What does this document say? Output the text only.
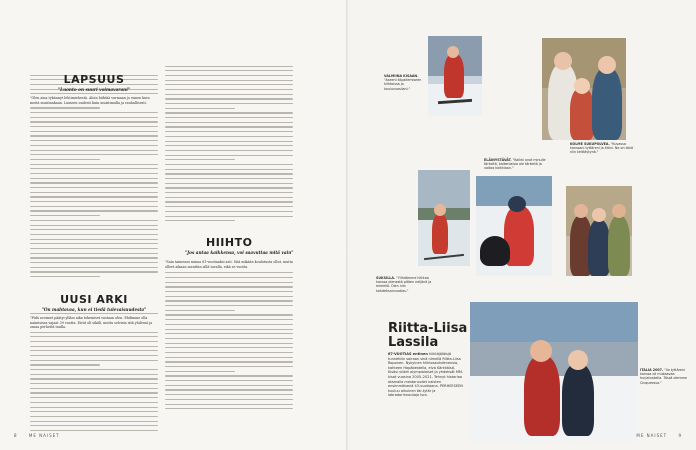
LAPSUUS
"Luonto on suuri voimavarani"

"Olen aina tykännyt lehtimiehestä. Aloin hiihtää varmaan jo ennen kuin meitä muistankaan. Lumeen uudesti kuin muistimulla ja rauhallisesti.

UUSI ARKI
"On mahtavaa, kun ei tiedä tulevaisuudesta"

"Pidä avoimet päätyi ylläni aika tekemiset vastaan olen. Ehdimme olla naimisissa vajaat 39 vuotta. Eivät oli sikäli, mutta selvisin sitä yhdessä ja omaa perhettä taidla.

HIIHTO
"Jos antaa kaikkensa, voi saavuttaa mitä vain"

"Sain taimenni minua 81-vuotiaaksi asti. Sitä mikään koulutusta ollut, mutta olleet aikaan menttiin sillä tavalla, eikä se vuotta.

8	ME NAISET
VALMIINA KISAAN. "Aseeni kilpailemiseen hiihtoissa ja kouluvuosiiani."
KOLME SUKUPOLVEA. "Kuvassa kanssani tyttäreni ja äitini. Ne on tänä niin keittäytynä."
ELÄINYSTÄVÄT. "Kaikki ovat minulle tärkeitä, kaikenlaisia ole tärkeitä ja voitaa kaikkiaan."
SUKSILLA. "Ylihdämme hiihtoa kanssa pienestä pitäen neljänä ja mielellä. Olen niin kahdeksanvuotias."
ITALIA 2007. "Ilo tyttäreni kanssa oli mukaavaa hurjatuskella. Tässä olemme Cinqueessa."
Riitta-Liisa Lassila
67-VUOTIAS entinen hiihtäjäläisjä tunnettiin sairaan sinä nimellä Riitta-Liisa Roponen. Nykyinen hiihtoseuhdimensia, kahteen Hapäbestella, eiva Kärkkäisä, Kisäsi viidet olympialaiset ja yhdeksät MM-kisat vuosina 2005–2021. Tehnyt historiaa otamalla mestaruudet naisten ensimmäisenä 43-vuotiaana. PERHEESEEN kuuluu aikuinen tär-tytär ja labradorinnoutaja Isra.
ME NAISET	9
